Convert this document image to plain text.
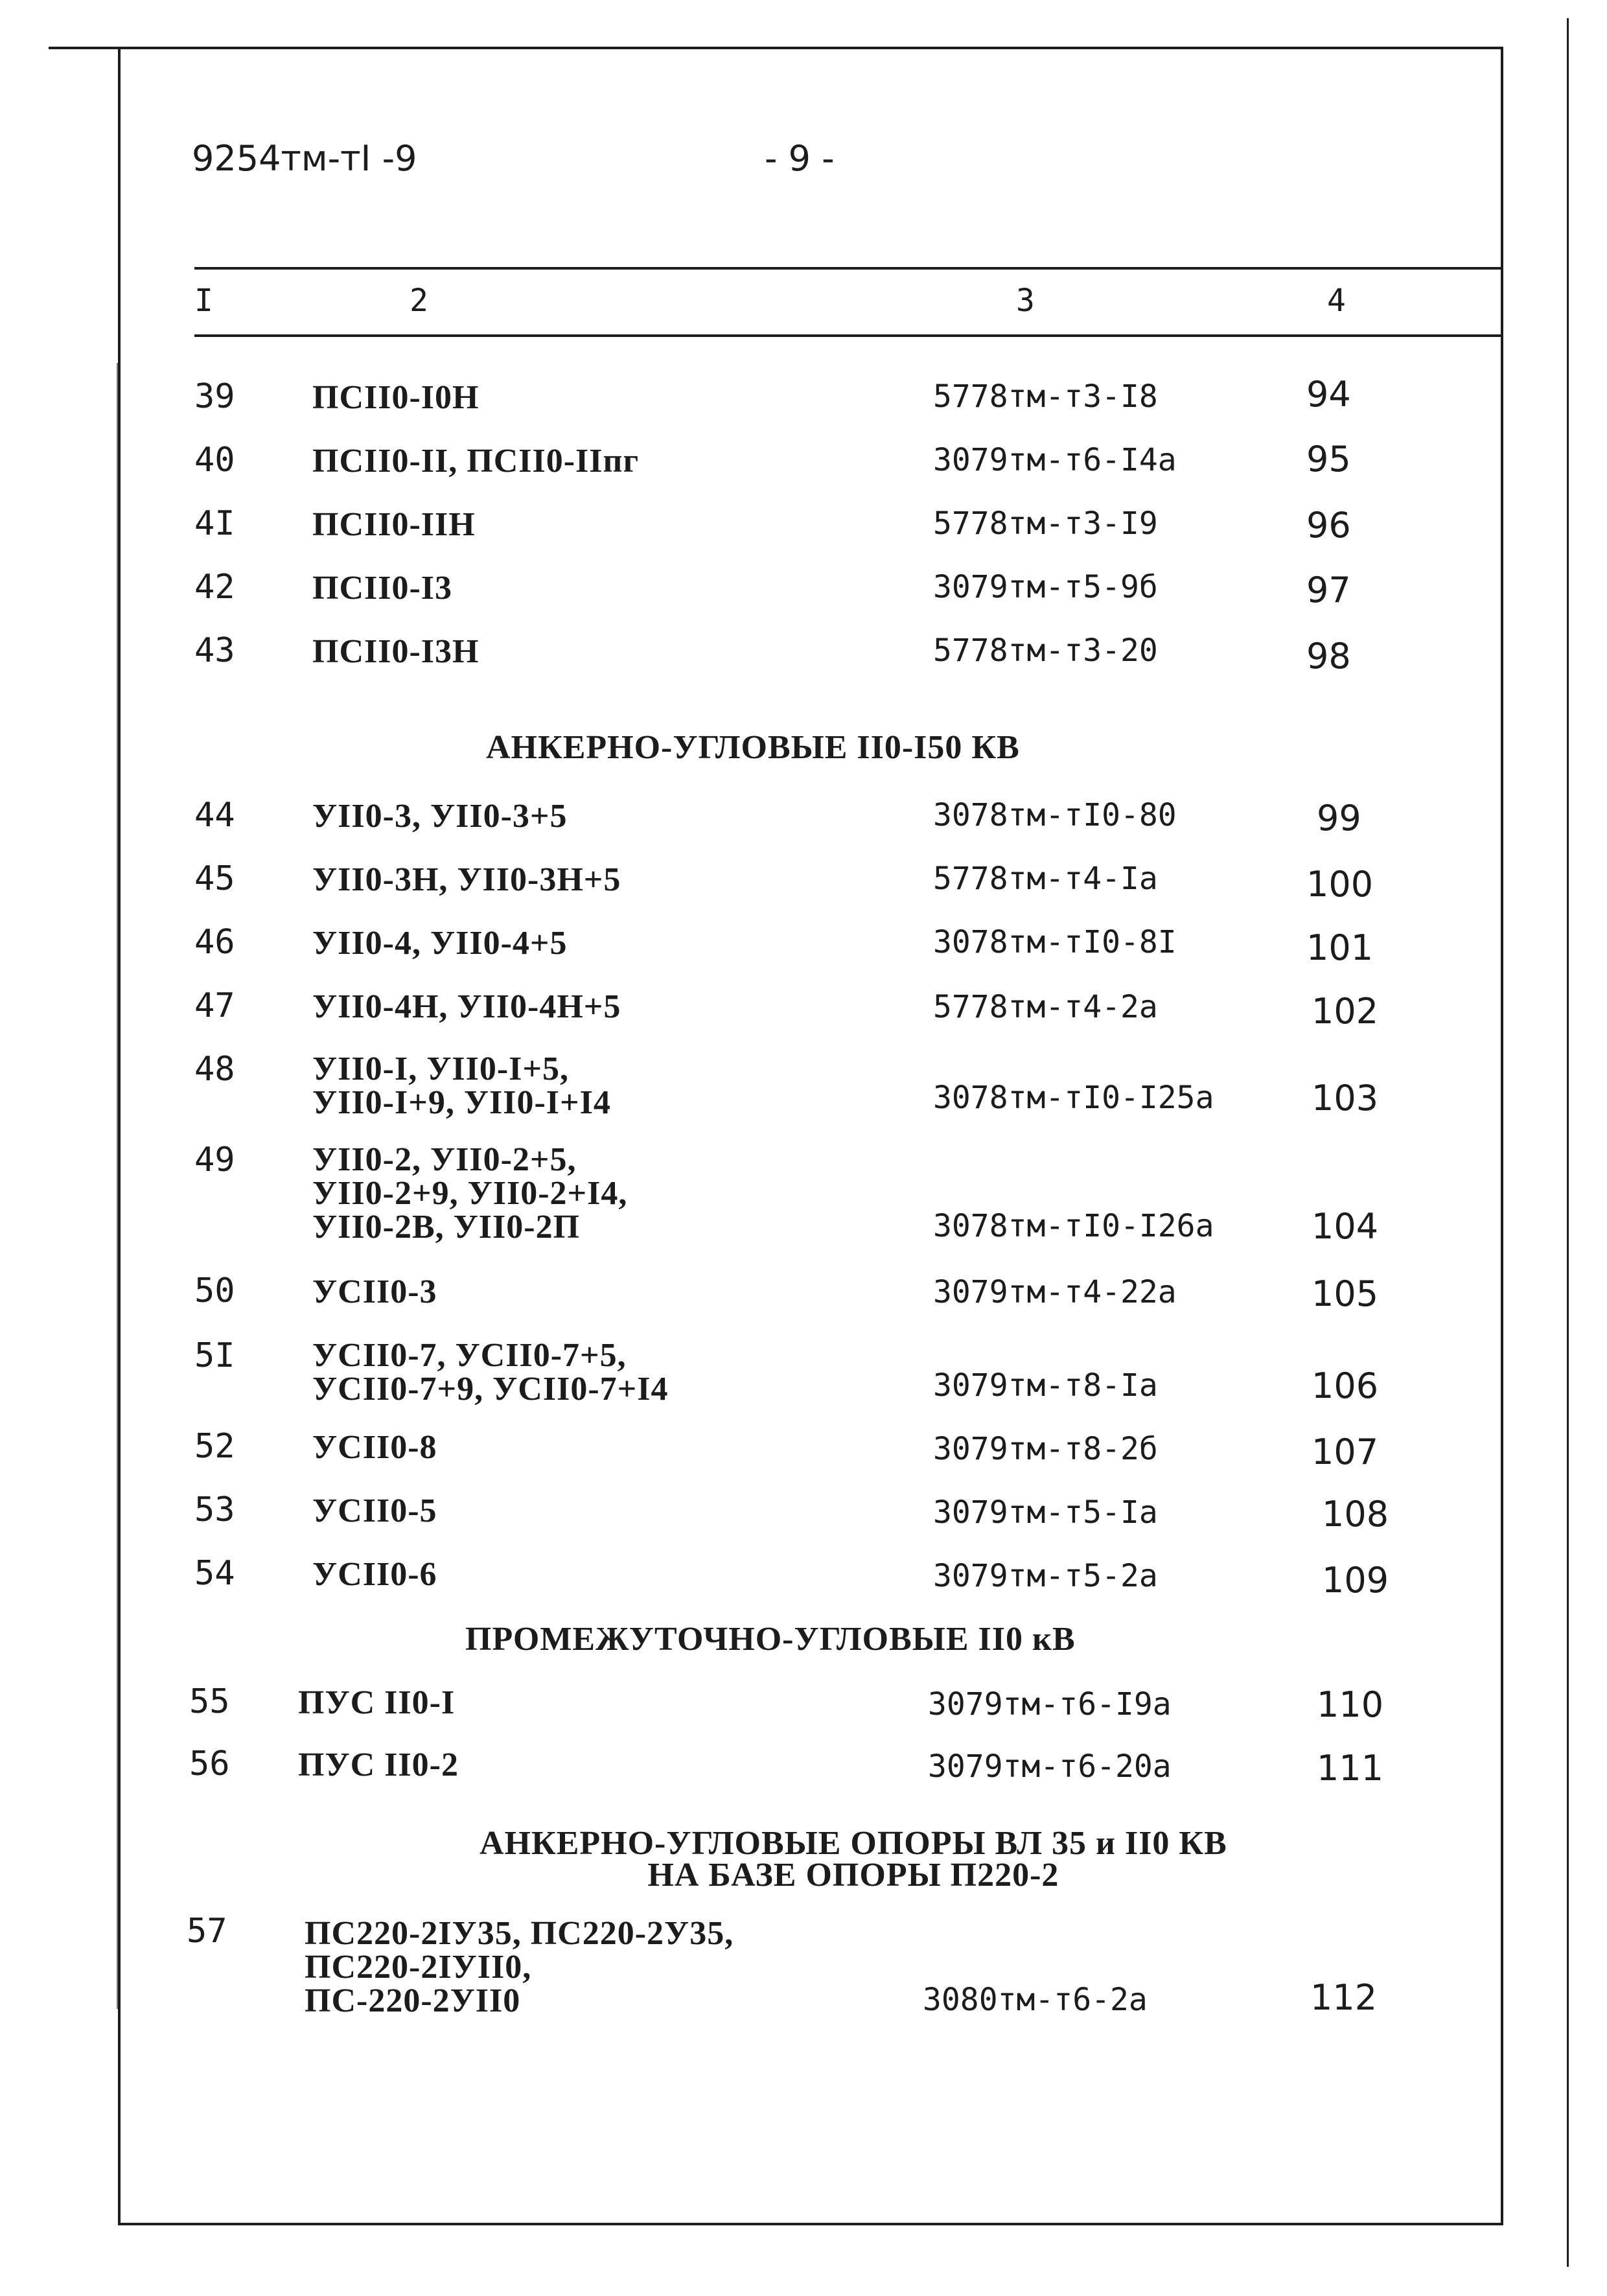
9254тм-тI -9	- 9 -
I	2	3	4
39 ПСII0-I0Н	5778тм-т3-I8	94
40 ПСII0-II, ПСII0-IIпг	3079тм-т6-I4а	95
4I ПСII0-IIН	5778тм-т3-I9	96
42 ПСII0-I3	3079тм-т5-9б	97
43 ПСII0-I3Н	5778тм-т3-20	98
АНКЕРНО-УГЛОВЫЕ II0-I50 КВ
44 УII0-3, УII0-3+5	3078тм-тI0-80	99
45 УII0-3Н, УII0-3Н+5	5778тм-т4-Iа	100
46 УII0-4, УII0-4+5	3078тм-тI0-8I	101
47 УII0-4Н, УII0-4Н+5	5778тм-т4-2а	102
48 УII0-I, УII0-I+5,
УII0-I+9, УII0-I+I4	3078тм-тI0-I25а	103
49 УII0-2, УII0-2+5,
УII0-2+9, УII0-2+I4,
УII0-2В, УII0-2П	3078тм-тI0-I26а	104
50 УСII0-3	3079тм-т4-22а	105
5I УСII0-7, УСII0-7+5,
УСII0-7+9, УСII0-7+I4	3079тм-т8-Iа	106
52 УСII0-8	3079тм-т8-2б	107
53 УСII0-5	3079тм-т5-Iа	108
54 УСII0-6	3079тм-т5-2а	109
ПРОМЕЖУТОЧНО-УГЛОВЫЕ II0 кВ
55 ПУС II0-I	3079тм-т6-I9а	110
56 ПУС II0-2	3079тм-т6-20а	111
АНКЕРНО-УГЛОВЫЕ ОПОРЫ ВЛ 35 и II0 КВ
НА БАЗЕ ОПОРЫ П220-2
57 ПС220-2IУ35, ПС220-2У35,
ПС220-2IУII0,
ПС-220-2УII0	3080тм-т6-2а	112
